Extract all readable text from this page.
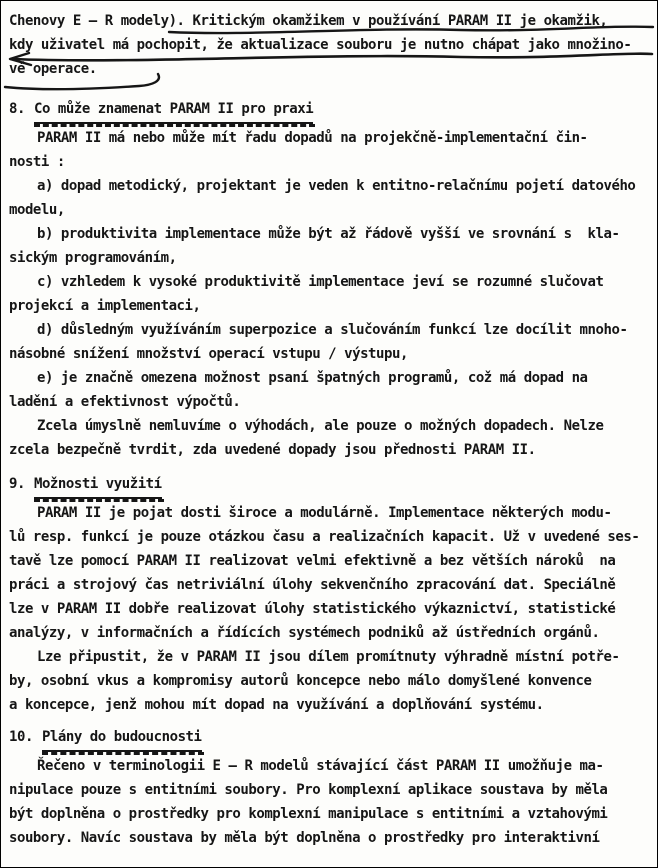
Chenovy E – R modely). Kritickým okamžikem v používání PARAM II je okamžik,
kdy uživatel má pochopit, že aktualizace souboru je nutno chápat jako množino-
vé operace.
8. Co může znamenat PARAM II pro praxi
PARAM II má nebo může mít řadu dopadů na projekčně-implementační čin-
nosti :
a) dopad metodický, projektant je veden k entitno-relačnímu pojetí datového
modelu,
b) produktivita implementace může být až řádově vyšší ve srovnání s  kla-
sickým programováním,
c) vzhledem k vysoké produktivitě implementace jeví se rozumné slučovat
projekcí a implementaci,
d) důsledným využíváním superpozice a slučováním funkcí lze docílit mnoho-
násobné snížení množství operací vstupu / výstupu,
e) je značně omezena možnost psaní špatných programů, což má dopad na
ladění a efektivnost výpočtů.
Zcela úmyslně nemluvíme o výhodách, ale pouze o možných dopadech. Nelze
zcela bezpečně tvrdit, zda uvedené dopady jsou přednosti PARAM II.
9. Možnosti využití
PARAM II je pojat dosti široce a modulárně. Implementace některých modu-
lů resp. funkcí je pouze otázkou času a realizačních kapacit. Už v uvedené ses-
tavě lze pomocí PARAM II realizovat velmi efektivně a bez větších nároků  na
práci a strojový čas netriviální úlohy sekvenčního zpracování dat. Speciálně
lze v PARAM II dobře realizovat úlohy statistického výkaznictví, statistické
analýzy, v informačních a řídících systémech podniků až ústředních orgánů.
Lze připustit, že v PARAM II jsou dílem promítnuty výhradně místní potře-
by, osobní vkus a kompromisy autorů koncepce nebo málo domyšlené konvence
a koncepce, jenž mohou mít dopad na využívání a doplňování systému.
10. Plány do budoucnosti
Řečeno v terminologii E – R modelů stávající část PARAM II umožňuje ma-
nipulace pouze s entitními soubory. Pro komplexní aplikace soustava by měla
být doplněna o prostředky pro komplexní manipulace s entitními a vztahovými
soubory. Navíc soustava by měla být doplněna o prostředky pro interaktivní
